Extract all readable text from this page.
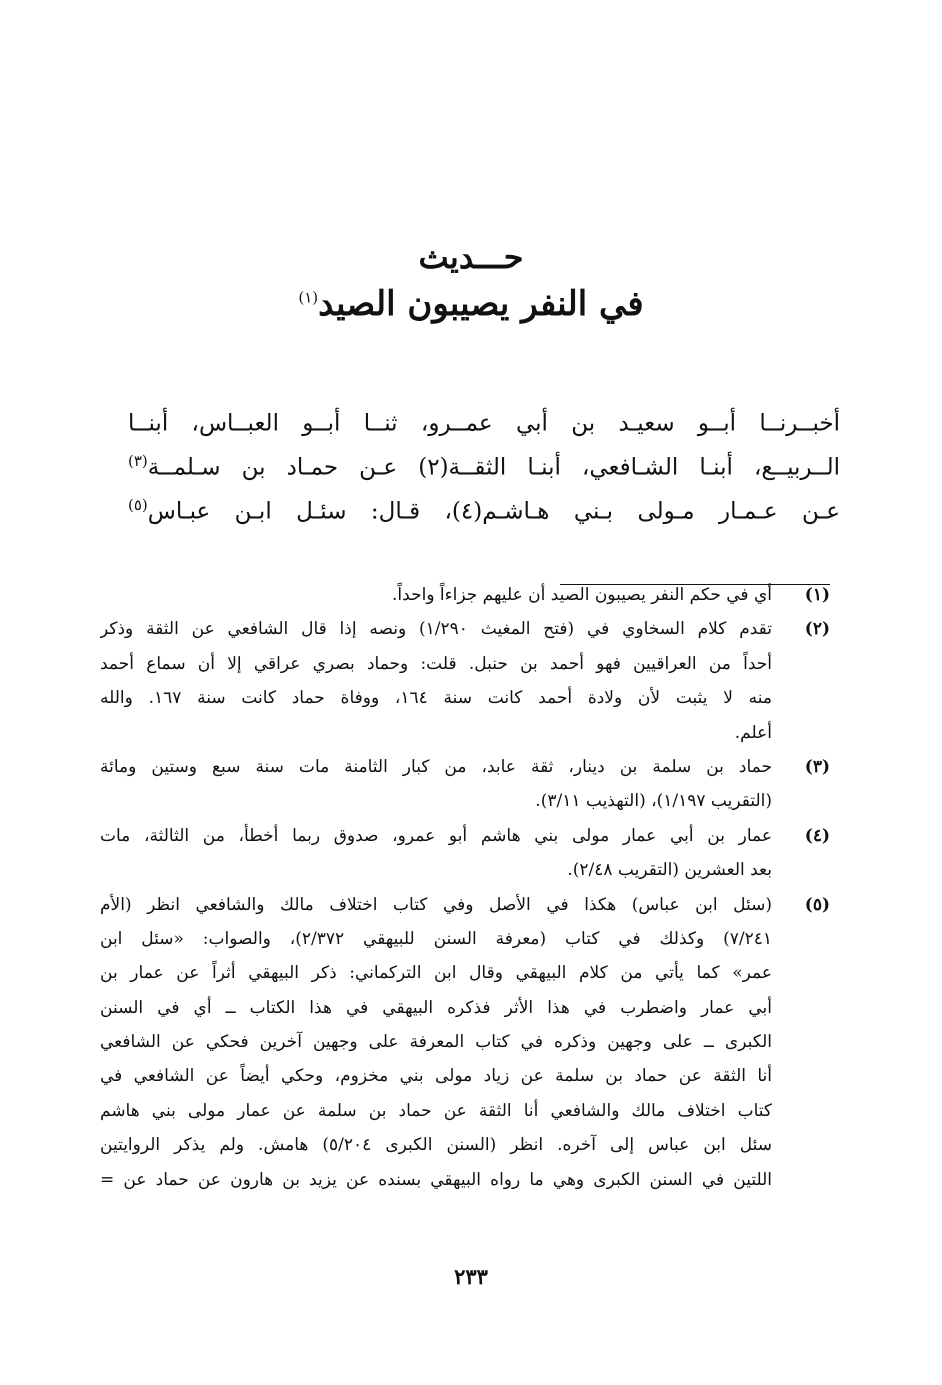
حـــديث
في النفر يصيبون الصيد$^{(١)}$
أخبــرنــا أبــو سعيـد بن أبي عمــرو، ثنــا أبــو العبــاس، أبنــا
الــربيــع، أبنـا الشـافعي، أبنـا الثقــة(٢) عـن حمـاد بن سـلمــة$^{(٣)}$
عـن عـمـار مـولى بـني هـاشـم(٤)، قـال: سئـل ابـن عبـاس$^{(٥)}$
(١)
أي في حكم النفر يصيبون الصيد أن عليهم جزاءاً واحداً.
(٢)
تقدم كلام السخاوي في (فتح المغيث ١/٢٩٠) ونصه إذا قال الشافعي عن الثقة وذكر
أحداً من العراقيين فهو أحمد بن حنبل. قلت: وحماد بصري عراقي إلا أن سماع أحمد
منه لا يثبت لأن ولادة أحمد كانت سنة ١٦٤، ووفاة حماد كانت سنة ١٦٧. والله
أعلم.
(٣)
حماد بن سلمة بن دينار، ثقة عابد، من كبار الثامنة مات سنة سبع وستين ومائة
(التقريب ١/١٩٧)، (التهذيب ٣/١١).
(٤)
عمار بن أبي عمار مولى بني هاشم أبو عمرو، صدوق ربما أخطأ، من الثالثة، مات
بعد العشرين (التقريب ٢/٤٨).
(٥)
(سئل ابن عباس) هكذا في الأصل وفي كتاب اختلاف مالك والشافعي انظر (الأم
٧/٢٤١) وكذلك في كتاب (معرفة السنن للبيهقي ٢/٣٧٢)، والصواب: «سئل ابن
عمر» كما يأتي من كلام البيهقي وقال ابن التركماني: ذكر البيهقي أثراً عن عمار بن
أبي عمار واضطرب في هذا الأثر فذكره البيهقي في هذا الكتاب ــ أي في السنن
الكبرى ــ على وجهين وذكره في كتاب المعرفة على وجهين آخرين فحكي عن الشافعي
أنا الثقة عن حماد بن سلمة عن زياد مولى بني مخزوم، وحكي أيضاً عن الشافعي في
كتاب اختلاف مالك والشافعي أنا الثقة عن حماد بن سلمة عن عمار مولى بني هاشم
سئل ابن عباس إلى آخره. انظر (السنن الكبرى ٥/٢٠٤) هامش. ولم يذكر الروايتين
اللتين في السنن الكبرى وهي ما رواه البيهقي بسنده عن يزيد بن هارون عن حماد عن =
٢٣٣
